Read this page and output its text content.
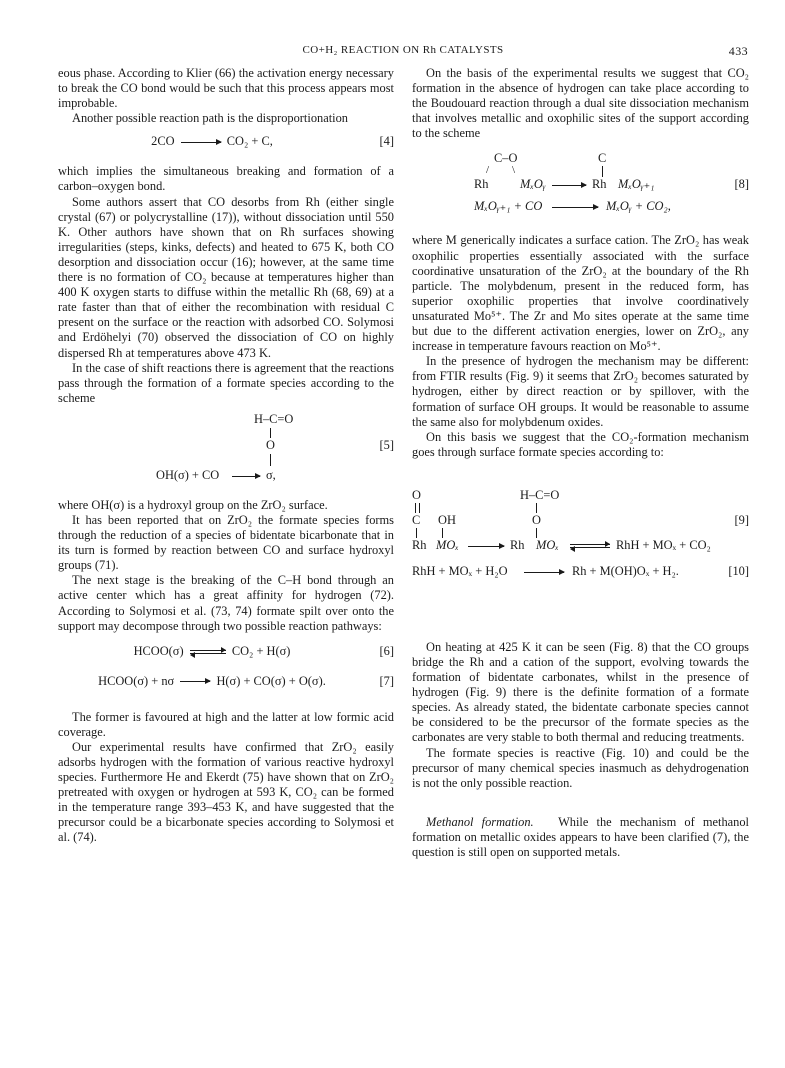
CO+H₂ REACTION ON Rh CATALYSTS	433

eous phase. According to Klier (66) the activation energy necessary to break the CO bond would be such that this process appears most improbable.

Another possible reaction path is the disproportionation

2CO → CO₂ + C,	[4]

which implies the simultaneous breaking and formation of a carbon–oxygen bond.

Some authors assert that CO desorbs from Rh (either single crystal (67) or polycrystalline (17)), without dissociation until 550 K. Other authors have shown that on Rh surfaces showing irregularities (steps, kinks, defects) and heated to 675 K, both CO desorption and dissociation occur (16); however, at the same time there is no formation of CO₂ because at temperatures higher than 400 K oxygen starts to diffuse within the metallic Rh (68, 69) at a rate faster than that of either the recombination with residual C present on the surface or the reaction with adsorbed CO. Solymosi and Erdöhelyi (70) observed the dissociation of CO on highly dispersed Rh at temperatures above 473 K.

In the case of shift reactions there is agreement that the reactions pass through the formation of a formate species according to the scheme

H–C=O
O
OH(σ) + CO → σ,
[5]

where OH(σ) is a hydroxyl group on the ZrO₂ surface.

It has been reported that on ZrO₂ the formate species forms through the reduction of a species of bidentate bicarbonate that in its turn is formed by reaction between CO and surface hydroxyl groups (71).

The next stage is the breaking of the C–H bond through an active center which has a great affinity for hydrogen (72). According to Solymosi et al. (73, 74) formate spilt over onto the support may decompose through two possible reaction pathways:

HCOO(σ)	CO₂ + H(σ)	[6]
HCOO(σ) + nσ → H(σ) + CO(σ) + O(σ).	[7]

The former is favoured at high and the latter at low formic acid coverage.

Our experimental results have confirmed that ZrO₂ easily adsorbs hydrogen with the formation of various reactive hydroxyl species. Furthermore He and Ekerdt (75) have shown that on ZrO₂ pretreated with oxygen or hydrogen at 593 K, CO₂ can be formed in the temperature range 393–453 K, and have suggested that the precursor could be a bicarbonate species according to Solymosi et al. (74).

On the basis of the experimental results we suggest that CO₂ formation in the absence of hydrogen can take place according to the Boudouard reaction through a dual site dissociation mechanism that involves metallic and oxophilic sites of the support according to the scheme

C–O	C
/ \
Rh	MₓOᵧ → Rh MₓOᵧ₊₁	[8]
MₓOᵧ₊₁ + CO → MₓOᵧ + CO₂,

where M generically indicates a surface cation. The ZrO₂ has weak oxophilic properties essentially associated with the surface coordinative unsaturation of the ZrO₂ at the boundary of the Rh particle. The molybdenum, present in the reduced form, has superior oxophilic properties that involve coordinatively unsaturated Mo⁵⁺. The Zr and Mo sites operate at the same time but due to the different activation energies, lower on ZrO₂, any increase in temperature favours reaction on Mo⁵⁺.

In the presence of hydrogen the mechanism may be different: from FTIR results (Fig. 9) it seems that ZrO₂ becomes saturated by hydrogen, either by direct reaction or by spillover, with the formation of surface OH groups. It would be reasonable to assume the same also for molybdenum oxides.

On this basis we suggest that the CO₂-formation mechanism goes through surface formate species according to:

O	H–C=O
C OH	O	[9]
Rh MOₓ → Rh MOₓ	RhH + MOₓ + CO₂
RhH + MOₓ + H₂O → Rh + M(OH)Oₓ + H₂.	[10]

On heating at 425 K it can be seen (Fig. 8) that the CO groups bridge the Rh and a cation of the support, evolving towards the formation of bidentate carbonates, whilst in the presence of hydrogen (Fig. 9) there is the definite formation of a formate species. As already stated, the bidentate carbonate species cannot be considered to be the precursor of the formate species as the carbonates are very stable to both thermal and reducing treatments.

The formate species is reactive (Fig. 10) and could be the precursor of many chemical species inasmuch as dehydrogenation is not the only possible reaction.

Methanol formation. While the mechanism of methanol formation on metallic oxides appears to have been clarified (7), the question is still open on supported metals.
